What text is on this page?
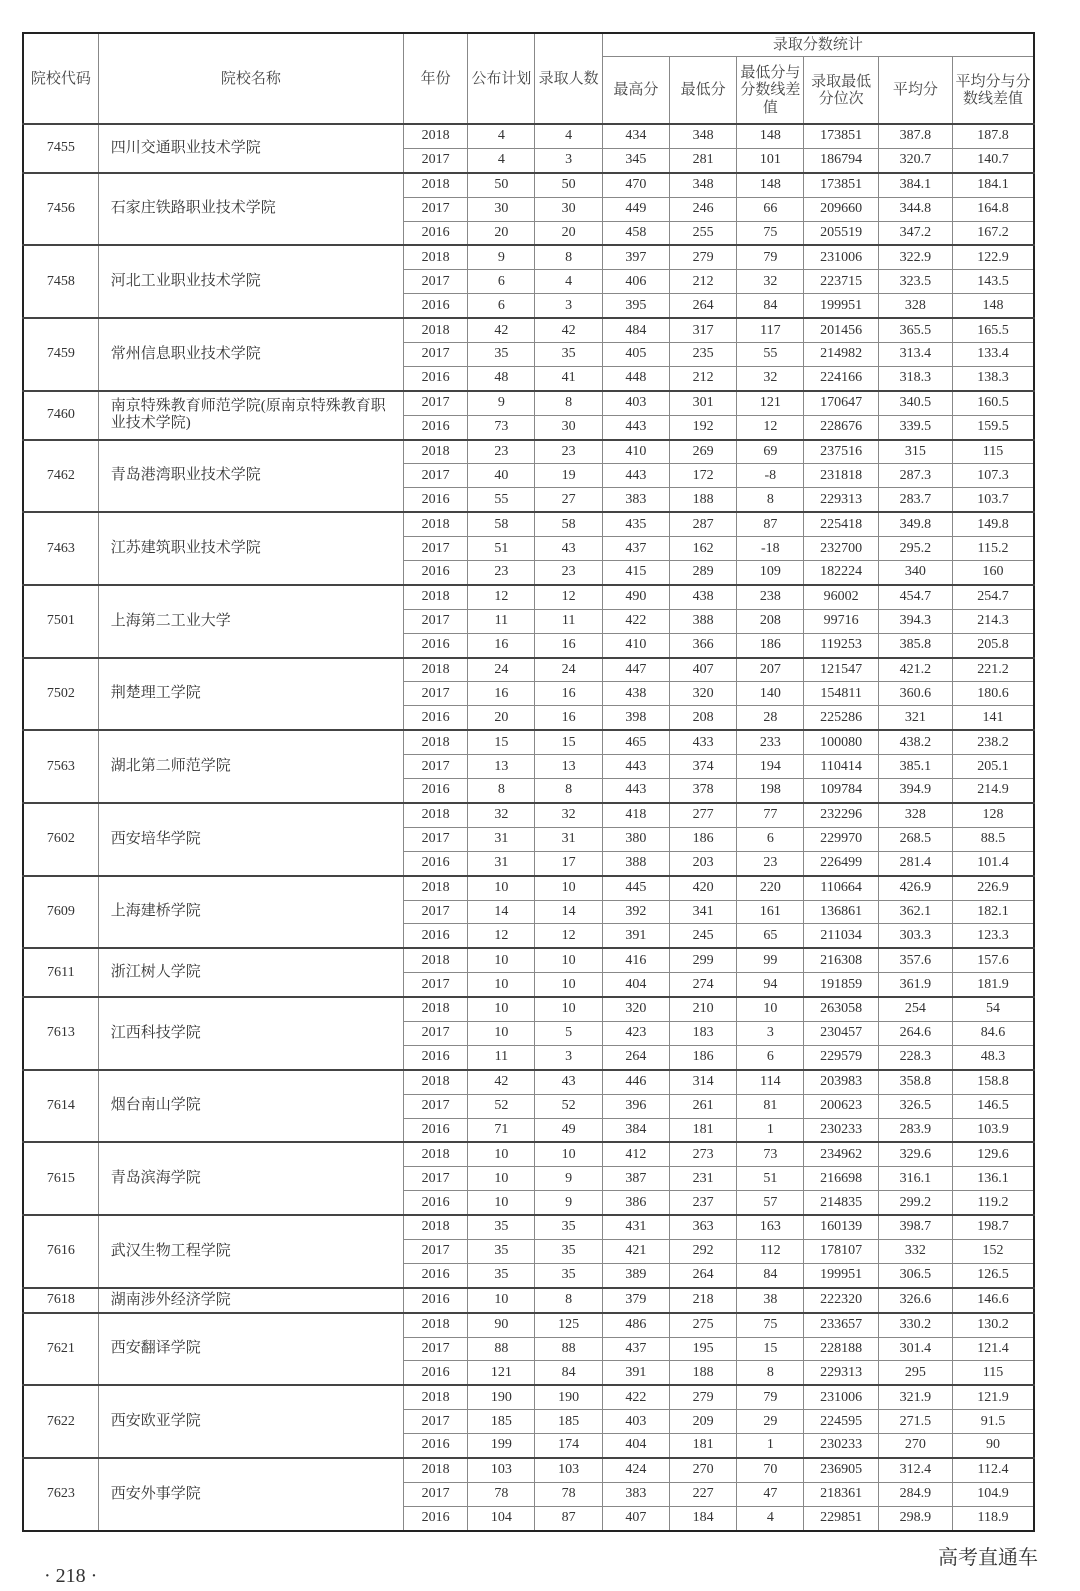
院校代码	院校名称	年份	公布计划	录取人数	录取分数统计					
					最高分	最低分	最低分与分数线差值	录取最低分位次	平均分	平均分与分数线差值
7455	四川交通职业技术学院	2018	4	4	434	348	148	173851	387.8	187.8
		2017	4	3	345	281	101	186794	320.7	140.7
7456	石家庄铁路职业技术学院	2018	50	50	470	348	148	173851	384.1	184.1
		2017	30	30	449	246	66	209660	344.8	164.8
		2016	20	20	458	255	75	205519	347.2	167.2
7458	河北工业职业技术学院	2018	9	8	397	279	79	231006	322.9	122.9
		2017	6	4	406	212	32	223715	323.5	143.5
		2016	6	3	395	264	84	199951	328	148
7459	常州信息职业技术学院	2018	42	42	484	317	117	201456	365.5	165.5
		2017	35	35	405	235	55	214982	313.4	133.4
		2016	48	41	448	212	32	224166	318.3	138.3
7460	南京特殊教育师范学院(原南京特殊教育职业技术学院)	2017	9	8	403	301	121	170647	340.5	160.5
		2016	73	30	443	192	12	228676	339.5	159.5
7462	青岛港湾职业技术学院	2018	23	23	410	269	69	237516	315	115
		2017	40	19	443	172	-8	231818	287.3	107.3
		2016	55	27	383	188	8	229313	283.7	103.7
7463	江苏建筑职业技术学院	2018	58	58	435	287	87	225418	349.8	149.8
		2017	51	43	437	162	-18	232700	295.2	115.2
		2016	23	23	415	289	109	182224	340	160
7501	上海第二工业大学	2018	12	12	490	438	238	96002	454.7	254.7
		2017	11	11	422	388	208	99716	394.3	214.3
		2016	16	16	410	366	186	119253	385.8	205.8
7502	荆楚理工学院	2018	24	24	447	407	207	121547	421.2	221.2
		2017	16	16	438	320	140	154811	360.6	180.6
		2016	20	16	398	208	28	225286	321	141
7563	湖北第二师范学院	2018	15	15	465	433	233	100080	438.2	238.2
		2017	13	13	443	374	194	110414	385.1	205.1
		2016	8	8	443	378	198	109784	394.9	214.9
7602	西安培华学院	2018	32	32	418	277	77	232296	328	128
		2017	31	31	380	186	6	229970	268.5	88.5
		2016	31	17	388	203	23	226499	281.4	101.4
7609	上海建桥学院	2018	10	10	445	420	220	110664	426.9	226.9
		2017	14	14	392	341	161	136861	362.1	182.1
		2016	12	12	391	245	65	211034	303.3	123.3
7611	浙江树人学院	2018	10	10	416	299	99	216308	357.6	157.6
		2017	10	10	404	274	94	191859	361.9	181.9
7613	江西科技学院	2018	10	10	320	210	10	263058	254	54
		2017	10	5	423	183	3	230457	264.6	84.6
		2016	11	3	264	186	6	229579	228.3	48.3
7614	烟台南山学院	2018	42	43	446	314	114	203983	358.8	158.8
		2017	52	52	396	261	81	200623	326.5	146.5
		2016	71	49	384	181	1	230233	283.9	103.9
7615	青岛滨海学院	2018	10	10	412	273	73	234962	329.6	129.6
		2017	10	9	387	231	51	216698	316.1	136.1
		2016	10	9	386	237	57	214835	299.2	119.2
7616	武汉生物工程学院	2018	35	35	431	363	163	160139	398.7	198.7
		2017	35	35	421	292	112	178107	332	152
		2016	35	35	389	264	84	199951	306.5	126.5
7618	湖南涉外经济学院	2016	10	8	379	218	38	222320	326.6	146.6
7621	西安翻译学院	2018	90	125	486	275	75	233657	330.2	130.2
		2017	88	88	437	195	15	228188	301.4	121.4
		2016	121	84	391	188	8	229313	295	115
7622	西安欧亚学院	2018	190	190	422	279	79	231006	321.9	121.9
		2017	185	185	403	209	29	224595	271.5	91.5
		2016	199	174	404	181	1	230233	270	90
7623	西安外事学院	2018	103	103	424	270	70	236905	312.4	112.4
		2017	78	78	383	227	47	218361	284.9	104.9
		2016	104	87	407	184	4	229851	298.9	118.9
高考直通车
· 218 ·
